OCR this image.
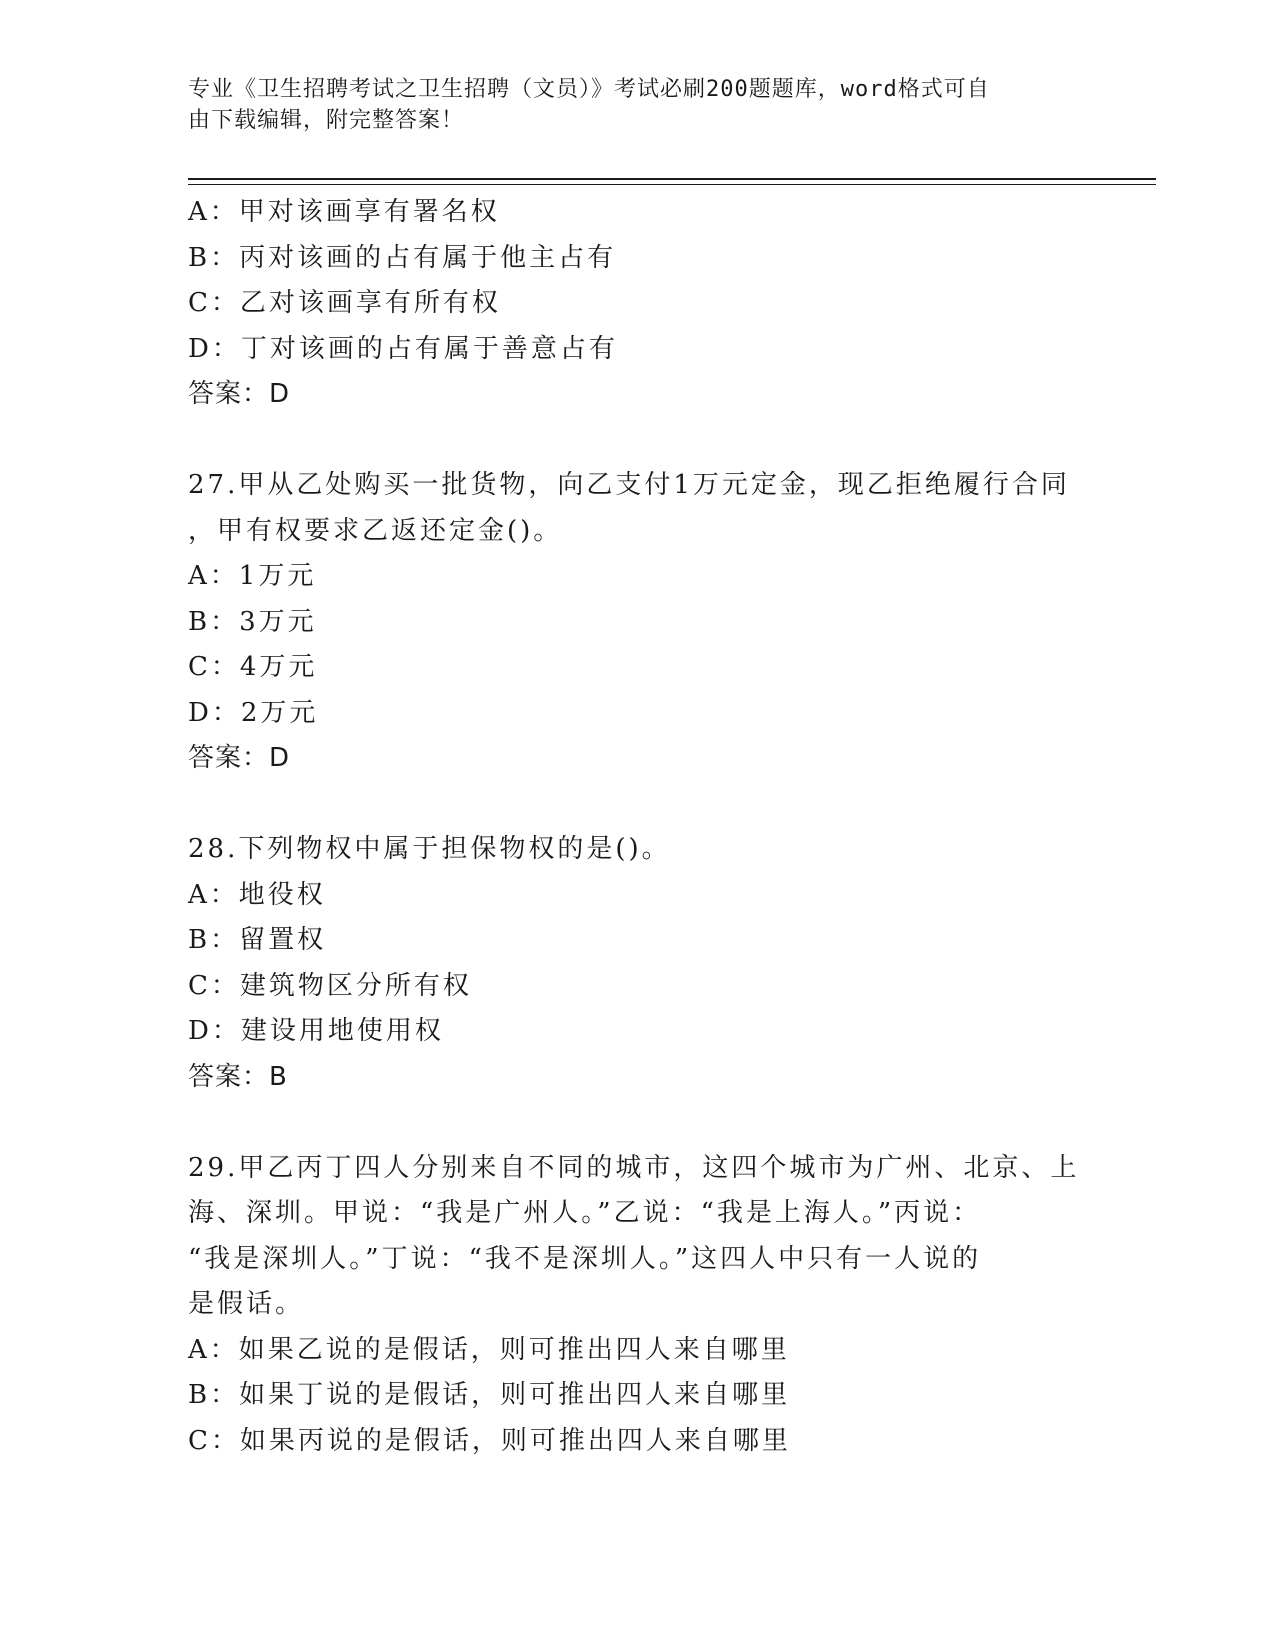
专业《卫生招聘考试之卫生招聘（文员）》考试必刷200题题库，word格式可自
由下载编辑，附完整答案！
A：甲对该画享有署名权
B：丙对该画的占有属于他主占有
C：乙对该画享有所有权
D：丁对该画的占有属于善意占有
答案：D
27.甲从乙处购买一批货物，向乙支付1万元定金，现乙拒绝履行合同
，甲有权要求乙返还定金()。
A：1万元
B：3万元
C：4万元
D：2万元
答案：D
28.下列物权中属于担保物权的是()。
A：地役权
B：留置权
C：建筑物区分所有权
D：建设用地使用权
答案：B
29.甲乙丙丁四人分别来自不同的城市，这四个城市为广州、北京、上
海、深圳。甲说：“我是广州人。”乙说：“我是上海人。”丙说：
“我是深圳人。”丁说：“我不是深圳人。”这四人中只有一人说的
是假话。
A：如果乙说的是假话，则可推出四人来自哪里
B：如果丁说的是假话，则可推出四人来自哪里
C：如果丙说的是假话，则可推出四人来自哪里
